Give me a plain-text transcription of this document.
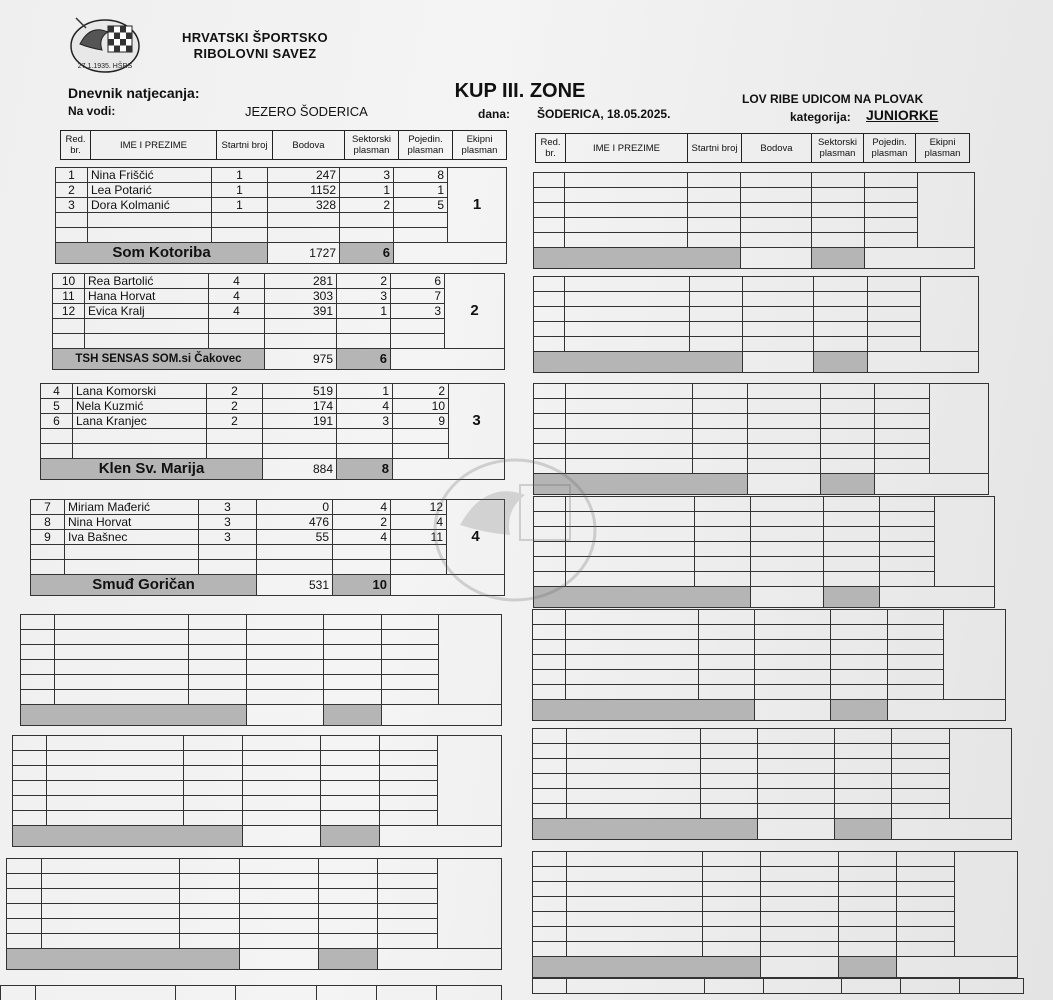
27.1.1935. HŠRS
HRVATSKI ŠPORTSKO
RIBOLOVNI SAVEZ
Dnevnik natjecanja:
Na vodi:	JEZERO ŠODERICA
KUP III. ZONE
dana: ŠODERICA, 18.05.2025.
LOV RIBE UDICOM NA PLOVAK
kategorija: JUNIORKE
Red. br.	IME I PREZIME	Startni broj	Bodova	Sektorski plasman	Pojedin. plasman	Ekipni plasman
Red. br.	IME I PREZIME	Startni broj	Bodova	Sektorski plasman	Pojedin. plasman	Ekipni plasman
1	Nina Friščić	1	247	3	8	1
2	Lea Potarić	1	1152	1	1	
3	Dora Kolmanić	1	328	2	5	

Som Kotoriba			1727	6		
10	Rea Bartolić	4	281	2	6	2
11	Hana Horvat	4	303	3	7	
12	Evica Kralj	4	391	1	3	

TSH SENSAS SOM.si Čakovec			975	6		
4	Lana Komorski	2	519	1	2	3
5	Nela Kuzmić	2	174	4	10	
6	Lana Kranjec	2	191	3	9	

Klen Sv. Marija			884	8		
7	Miriam Mađerić	3	0	4	12	4
8	Nina Horvat	3	476	2	4	
9	Iva Bašnec	3	55	4	11	

Smuđ Goričan			531	10		
